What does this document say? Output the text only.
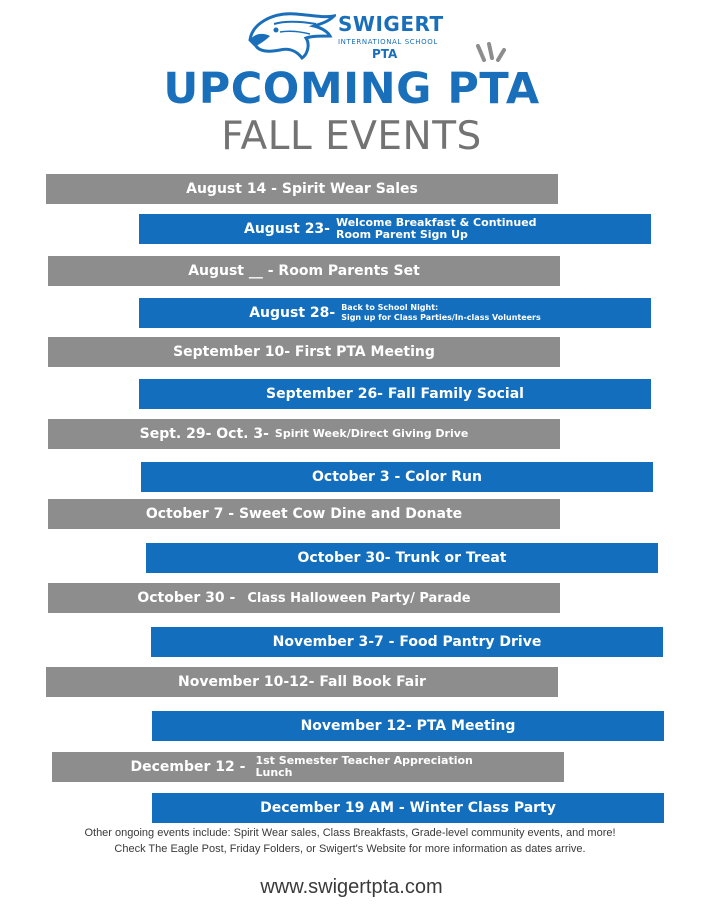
SWIGERT
INTERNATIONAL SCHOOL
PTA
UPCOMING PTA
FALL EVENTS
August 14 - Spirit Wear Sales
August 23- Welcome Breakfast & Continued Room Parent Sign Up
August __ - Room Parents Set
August 28- Back to School Night:
Sign up for Class Parties/In-class Volunteers
September 10- First PTA Meeting
September 26- Fall Family Social
Sept. 29- Oct. 3- Spirit Week/Direct Giving Drive
October 3 - Color Run
October 7 - Sweet Cow Dine and Donate
October 30- Trunk or Treat
October 30 - Class Halloween Party/ Parade
November 3-7 - Food Pantry Drive
November 10-12- Fall Book Fair
November 12- PTA Meeting
December 12 - 1st Semester Teacher Appreciation Lunch
December 19 AM - Winter Class Party
Other ongoing events include: Spirit Wear sales, Class Breakfasts, Grade-level community events, and more! Check The Eagle Post, Friday Folders, or Swigert's Website for more information as dates arrive.
www.swigertpta.com
